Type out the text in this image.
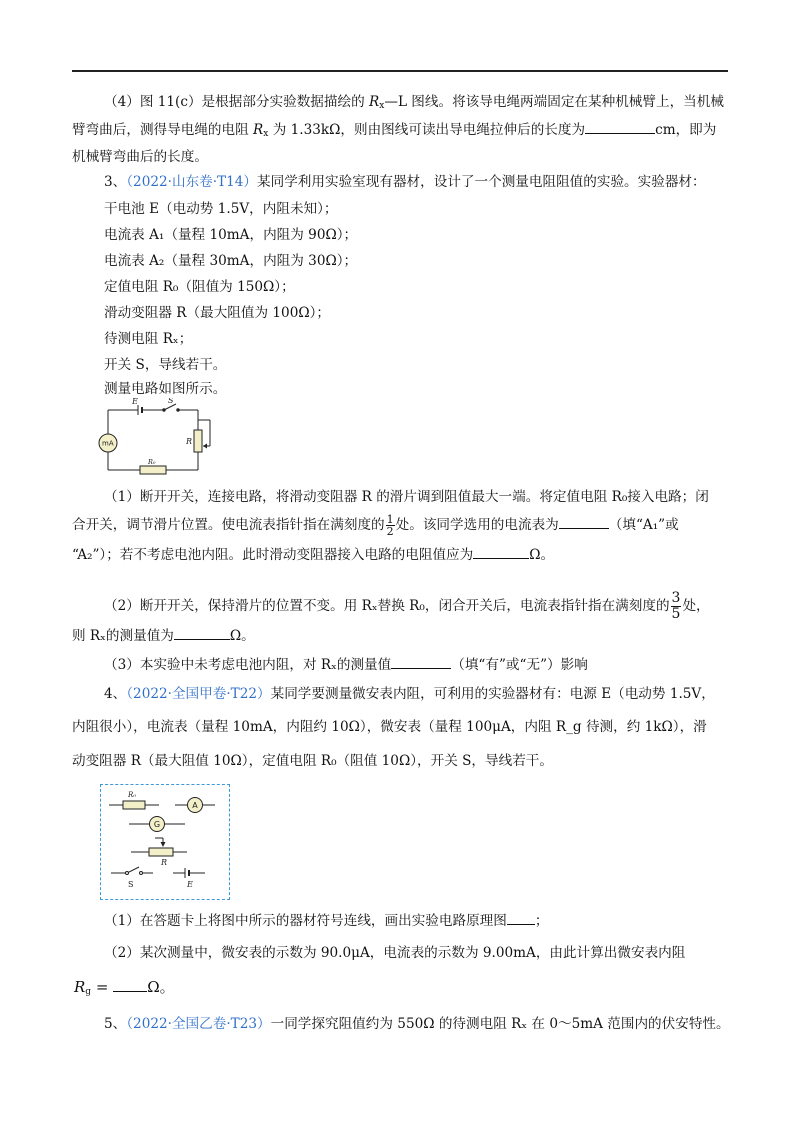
（4）图 11(c）是根据部分实验数据描绘的 $R_x—L$ 图线。将该导电绳两端固定在某种机械臂上，当机械
臂弯曲后，测得导电绳的电阻 $R_x$ 为 1.33kΩ，则由图线可读出导电绳拉伸后的长度为	cm，即为
机械臂弯曲后的长度。
3、（2022·山东卷·T14）某同学利用实验室现有器材，设计了一个测量电阻阻值的实验。实验器材：
干电池 E（电动势 1.5V，内阻未知）；
电流表 A₁（量程 10mA，内阻为 90Ω）；
电流表 A₂（量程 30mA，内阻为 30Ω）；
定值电阻 R₀（阻值为 150Ω）；
滑动变阻器 R（最大阻值为 100Ω）；
待测电阻 Rₓ；
开关 S，导线若干。
测量电路如图所示。
E	S
R
R₀
mA
（1）断开开关，连接电路，将滑动变阻器 R 的滑片调到阻值最大一端。将定值电阻 R₀接入电路；闭
合开关，调节滑片位置。使电流表指针指在满刻度的 $\frac{1}{2}$ 处。该同学选用的电流表为	（填“A₁”或
“A₂”）；若不考虑电池内阻。此时滑动变阻器接入电路的电阻值应为	Ω。
（2）断开开关，保持滑片的位置不变。用 Rₓ替换 R₀，闭合开关后，电流表指针指在满刻度的 $\frac{3}{5}$ 处，
则 Rₓ的测量值为	Ω。
（3）本实验中未考虑电池内阻，对 Rₓ的测量值	（填“有”或“无”）影响
4、（2022·全国甲卷·T22）某同学要测量微安表内阻，可利用的实验器材有：电源 E（电动势 1.5V，
内阻很小），电流表（量程 10mA，内阻约 10Ω），微安表（量程 100μA，内阻 R_g 待测，约 1kΩ），滑
动变阻器 R（最大阻值 10Ω），定值电阻 R₀（阻值 10Ω），开关 S，导线若干。
R₀
R
S	E
A
G
（1）在答题卡上将图中所示的器材符号连线，画出实验电路原理图 ；
（2）某次测量中，微安表的示数为 90.0μA，电流表的示数为 9.00mA，由此计算出微安表内阻
$R_g$ =	Ω。
5、（2022·全国乙卷·T23）一同学探究阻值约为 550Ω 的待测电阻 Rₓ 在 0～5mA 范围内的伏安特性。
